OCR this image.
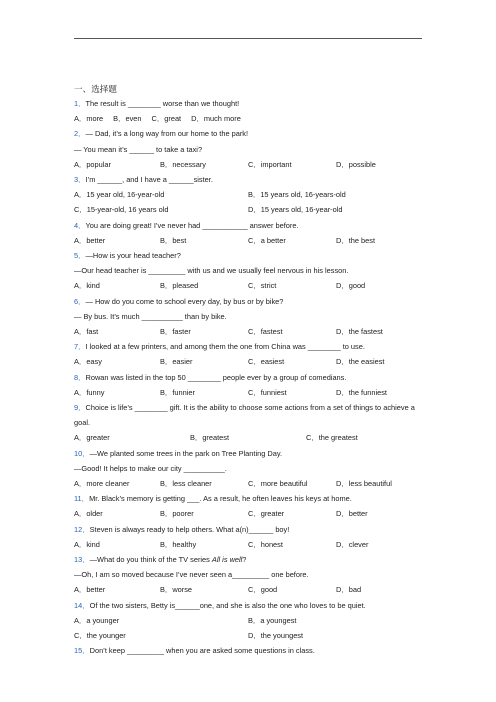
一、选择题
1．The result is ________ worse than we thought!
A．more B．even C．great D．much more
2．— Dad, it’s a long way from our home to the park!
— You mean it’s ______ to take a taxi?
A．popular	B．necessary	C．important	D．possible
3．I’m ______, and I have a ______sister.
A．15 year old, 16-year-old	B．15 years old, 16-years-old
C．15-year-old, 16 years old	D．15 years old, 16-year-old
4．You are doing great! I’ve never had ___________ answer before.
A．better	B．best	C．a better	D．the best
5．—How is your head teacher?
—Our head teacher is _________ with us and we usually feel nervous in his lesson.
A．kind	B．pleased	C．strict	D．good
6．— How do you come to school every day, by bus or by bike?
— By bus. It’s much __________ than by bike.
A．fast	B．faster	C．fastest	D．the fastest
7．I looked at a few printers, and among them the one from China was ________ to use.
A．easy	B．easier	C．easiest	D．the easiest
8．Rowan was listed in the top 50 ________ people ever by a group of comedians.
A．funny	B．funnier	C．funniest	D．the funniest
9．Choice is life’s ________ gift. It is the ability to choose some actions from a set of things to achieve a goal.
A．greater	B．greatest	C．the greatest
10．—We planted some trees in the park on Tree Planting Day.
—Good! It helps to make our city __________.
A．more cleaner	B．less cleaner	C．more beautiful	D．less beautiful
11．Mr. Black’s memory is getting ___. As a result, he often leaves his keys at home.
A．older	B．poorer	C．greater	D．better
12．Steven is always ready to help others. What a(n)______ boy!
A．kind	B．healthy	C．honest	D．clever
13．—What do you think of the TV series All is well?
—Oh, I am so moved because I’ve never seen a_________ one before.
A．better	B．worse	C．good	D．bad
14．Of the two sisters, Betty is______one, and she is also the one who loves to be quiet.
A．a younger	B．a youngest
C．the younger	D．the youngest
15．Don’t keep _________ when you are asked some questions in class.
